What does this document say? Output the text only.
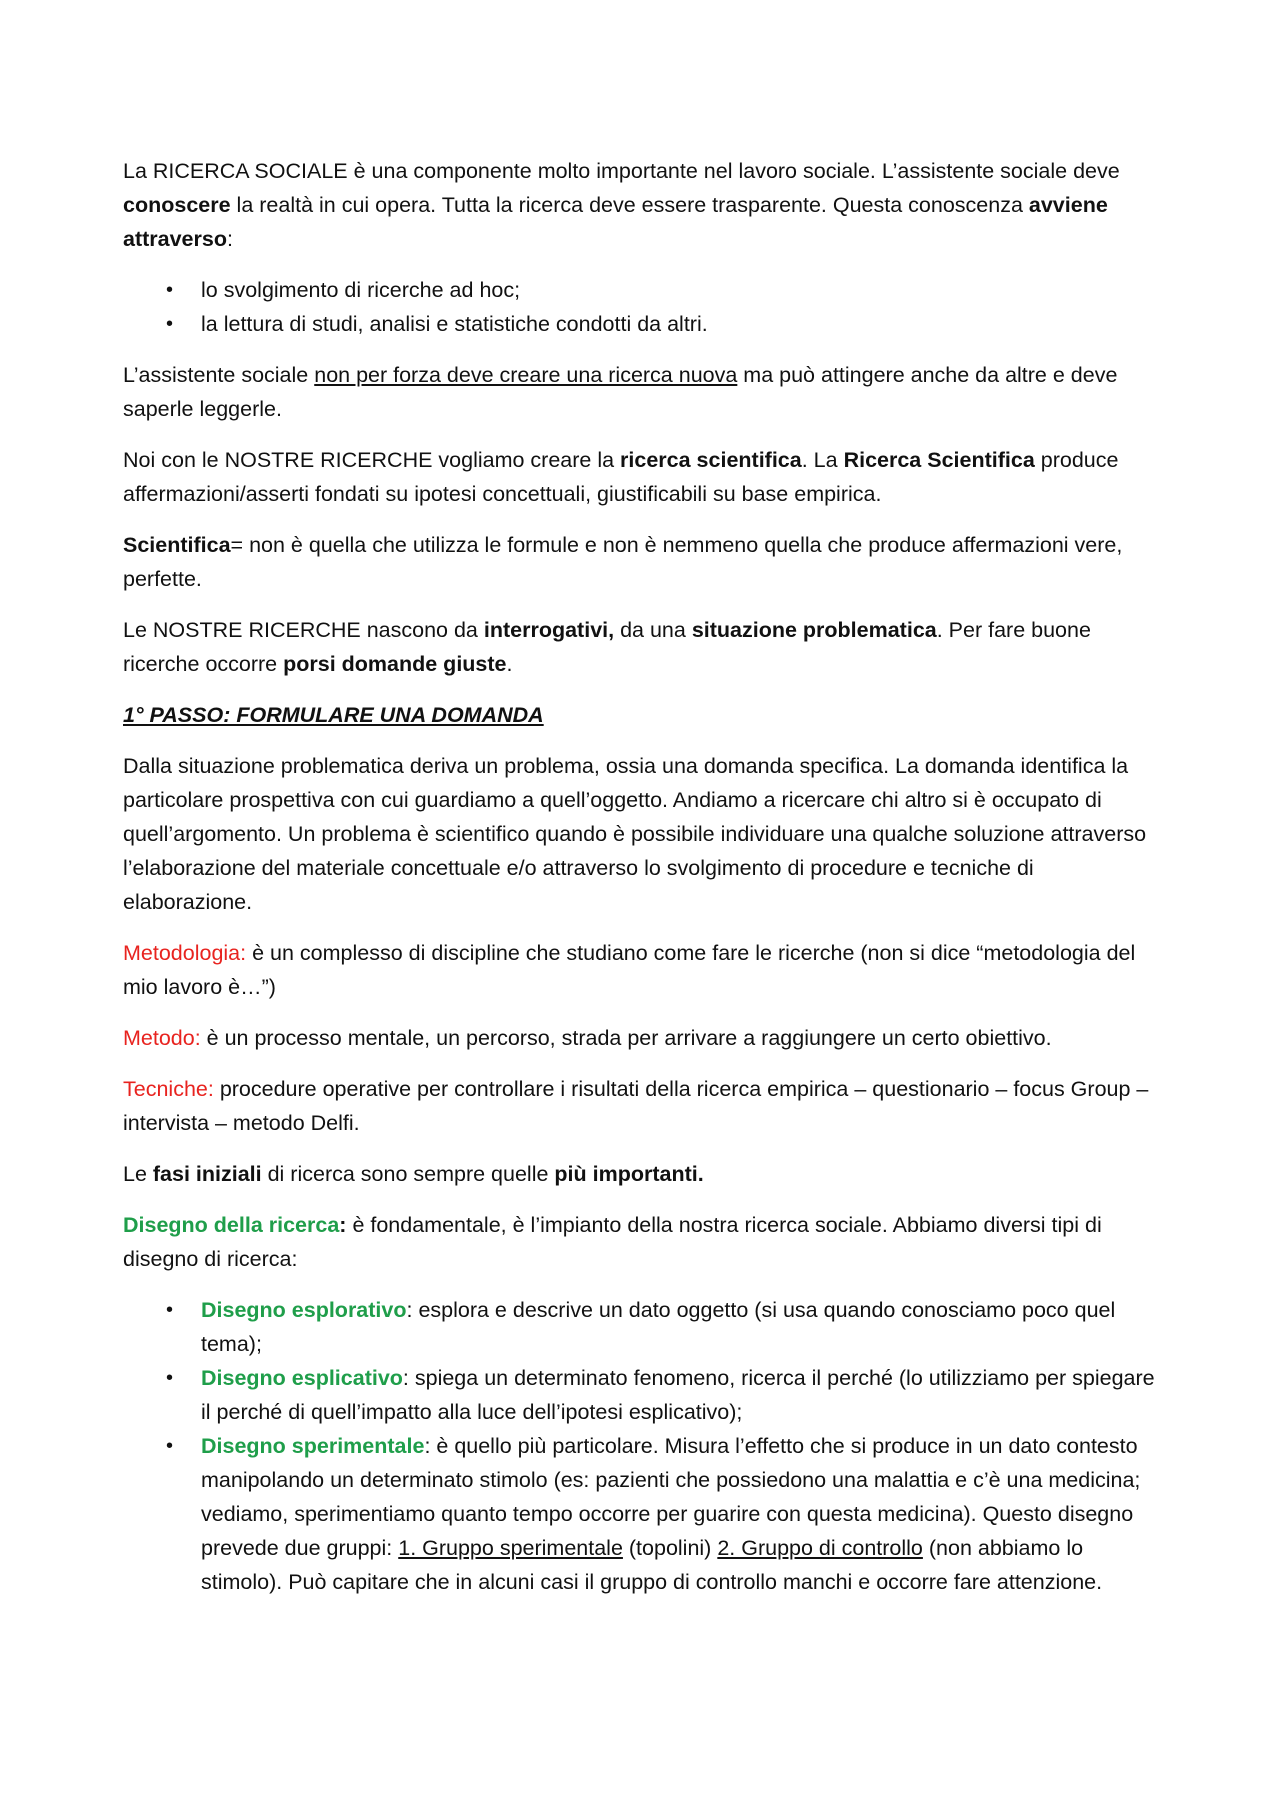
La RICERCA SOCIALE è una componente molto importante nel lavoro sociale. L’assistente sociale deve conoscere la realtà in cui opera. Tutta la ricerca deve essere trasparente. Questa conoscenza avviene attraverso:

• lo svolgimento di ricerche ad hoc;
• la lettura di studi, analisi e statistiche condotti da altri.

L’assistente sociale non per forza deve creare una ricerca nuova ma può attingere anche da altre e deve saperle leggerle.

Noi con le NOSTRE RICERCHE vogliamo creare la ricerca scientifica. La Ricerca Scientifica produce affermazioni/asserti fondati su ipotesi concettuali, giustificabili su base empirica.

Scientifica= non è quella che utilizza le formule e non è nemmeno quella che produce affermazioni vere, perfette.

Le NOSTRE RICERCHE nascono da interrogativi, da una situazione problematica. Per fare buone ricerche occorre porsi domande giuste.

1° PASSO: FORMULARE UNA DOMANDA

Dalla situazione problematica deriva un problema, ossia una domanda specifica. La domanda identifica la particolare prospettiva con cui guardiamo a quell’oggetto. Andiamo a ricercare chi altro si è occupato di quell’argomento. Un problema è scientifico quando è possibile individuare una qualche soluzione attraverso l’elaborazione del materiale concettuale e/o attraverso lo svolgimento di procedure e tecniche di elaborazione.

Metodologia: è un complesso di discipline che studiano come fare le ricerche (non si dice “metodologia del mio lavoro è…”)

Metodo: è un processo mentale, un percorso, strada per arrivare a raggiungere un certo obiettivo.

Tecniche: procedure operative per controllare i risultati della ricerca empirica – questionario – focus Group – intervista – metodo Delfi.

Le fasi iniziali di ricerca sono sempre quelle più importanti.

Disegno della ricerca: è fondamentale, è l’impianto della nostra ricerca sociale. Abbiamo diversi tipi di disegno di ricerca:

• Disegno esplorativo: esplora e descrive un dato oggetto (si usa quando conosciamo poco quel tema);
• Disegno esplicativo: spiega un determinato fenomeno, ricerca il perché (lo utilizziamo per spiegare il perché di quell’impatto alla luce dell’ipotesi esplicativo);
• Disegno sperimentale: è quello più particolare. Misura l’effetto che si produce in un dato contesto manipolando un determinato stimolo (es: pazienti che possiedono una malattia e c’è una medicina; vediamo, sperimentiamo quanto tempo occorre per guarire con questa medicina). Questo disegno prevede due gruppi: 1. Gruppo sperimentale (topolini) 2. Gruppo di controllo (non abbiamo lo stimolo). Può capitare che in alcuni casi il gruppo di controllo manchi e occorre fare attenzione.
